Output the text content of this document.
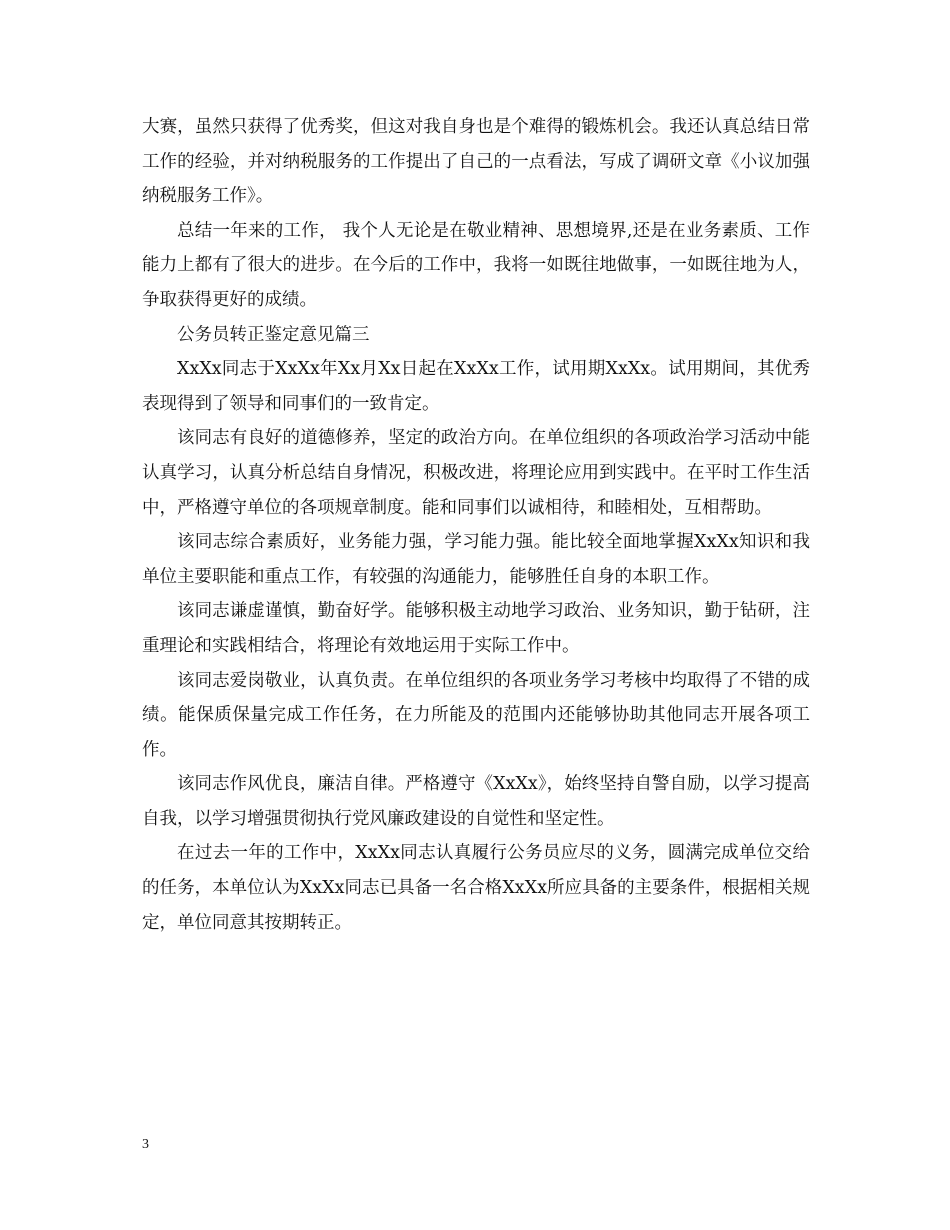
大赛，虽然只获得了优秀奖，但这对我自身也是个难得的锻炼机会。我还认真总结日常工作的经验，并对纳税服务的工作提出了自己的一点看法，写成了调研文章《小议加强纳税服务工作》。

总结一年来的工作， 我个人无论是在敬业精神、思想境界,还是在业务素质、工作能力上都有了很大的进步。在今后的工作中，我将一如既往地做事，一如既往地为人，争取获得更好的成绩。

公务员转正鉴定意见篇三

XxXx同志于XxXx年Xx月Xx日起在XxXx工作，试用期XxXx。试用期间，其优秀表现得到了领导和同事们的一致肯定。

该同志有良好的道德修养，坚定的政治方向。在单位组织的各项政治学习活动中能认真学习，认真分析总结自身情况，积极改进，将理论应用到实践中。在平时工作生活中，严格遵守单位的各项规章制度。能和同事们以诚相待，和睦相处，互相帮助。

该同志综合素质好，业务能力强，学习能力强。能比较全面地掌握XxXx知识和我单位主要职能和重点工作，有较强的沟通能力，能够胜任自身的本职工作。

该同志谦虚谨慎，勤奋好学。能够积极主动地学习政治、业务知识，勤于钻研，注重理论和实践相结合，将理论有效地运用于实际工作中。

该同志爱岗敬业，认真负责。在单位组织的各项业务学习考核中均取得了不错的成绩。能保质保量完成工作任务，在力所能及的范围内还能够协助其他同志开展各项工作。

该同志作风优良，廉洁自律。严格遵守《XxXx》，始终坚持自警自励，以学习提高自我，以学习增强贯彻执行党风廉政建设的自觉性和坚定性。

在过去一年的工作中，XxXx同志认真履行公务员应尽的义务，圆满完成单位交给的任务，本单位认为XxXx同志已具备一名合格XxXx所应具备的主要条件，根据相关规定，单位同意其按期转正。

3
